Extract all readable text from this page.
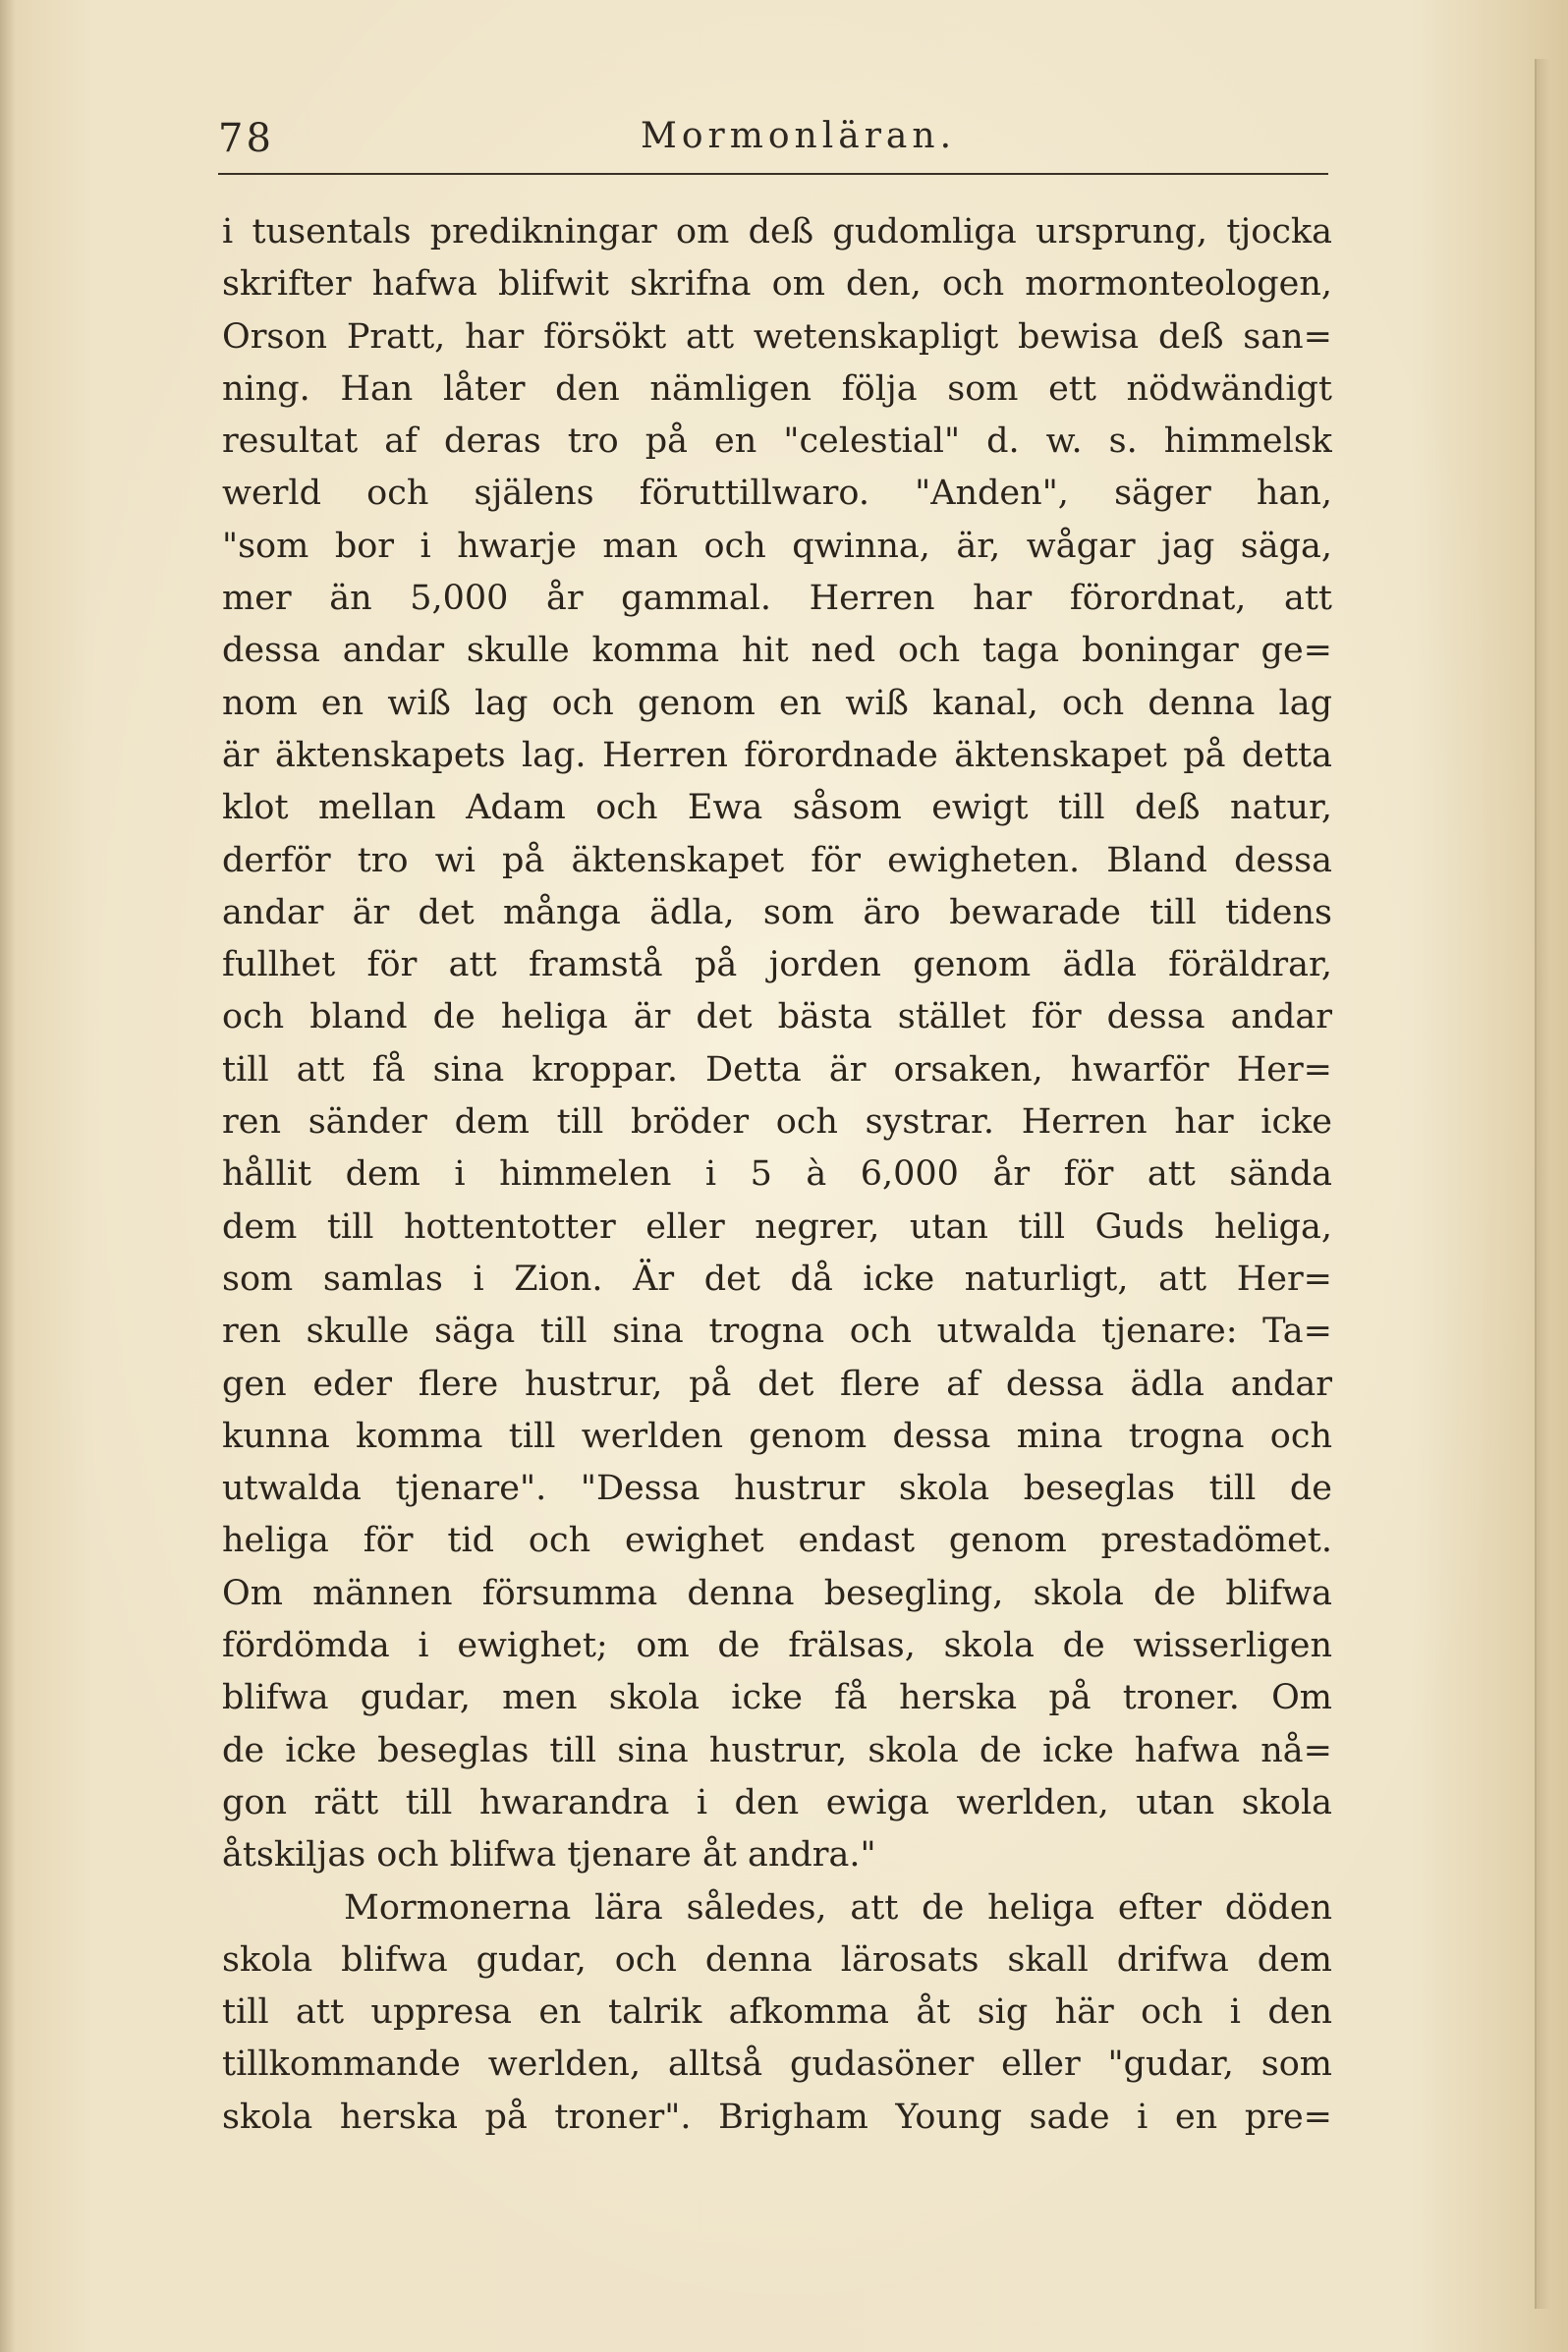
78	Mormonläran.
i tusentals predikningar om deß gudomliga ursprung, tjocka
skrifter hafwa blifwit skrifna om den, och mormonteologen,
Orson Pratt, har försökt att wetenskapligt bewisa deß san=
ning. Han låter den nämligen följa som ett nödwändigt
resultat af deras tro på en "celestial" d. w. s. himmelsk
werld och själens föruttillwaro. "Anden", säger han,
"som bor i hwarje man och qwinna, är, wågar jag säga,
mer än 5,000 år gammal. Herren har förordnat, att
dessa andar skulle komma hit ned och taga boningar ge=
nom en wiß lag och genom en wiß kanal, och denna lag
är äktenskapets lag. Herren förordnade äktenskapet på detta
klot mellan Adam och Ewa såsom ewigt till deß natur,
derför tro wi på äktenskapet för ewigheten. Bland dessa
andar är det många ädla, som äro bewarade till tidens
fullhet för att framstå på jorden genom ädla föräldrar,
och bland de heliga är det bästa stället för dessa andar
till att få sina kroppar. Detta är orsaken, hwarför Her=
ren sänder dem till bröder och systrar. Herren har icke
hållit dem i himmelen i 5 à 6,000 år för att sända
dem till hottentotter eller negrer, utan till Guds heliga,
som samlas i Zion. Är det då icke naturligt, att Her=
ren skulle säga till sina trogna och utwalda tjenare: Ta=
gen eder flere hustrur, på det flere af dessa ädla andar
kunna komma till werlden genom dessa mina trogna och
utwalda tjenare". "Dessa hustrur skola beseglas till de
heliga för tid och ewighet endast genom prestadömet.
Om männen försumma denna besegling, skola de blifwa
fördömda i ewighet; om de frälsas, skola de wisserligen
blifwa gudar, men skola icke få herska på troner. Om
de icke beseglas till sina hustrur, skola de icke hafwa nå=
gon rätt till hwarandra i den ewiga werlden, utan skola
åtskiljas och blifwa tjenare åt andra."
Mormonerna lära således, att de heliga efter döden
skola blifwa gudar, och denna lärosats skall drifwa dem
till att uppresa en talrik afkomma åt sig här och i den
tillkommande werlden, alltså gudasöner eller "gudar, som
skola herska på troner". Brigham Young sade i en pre=
